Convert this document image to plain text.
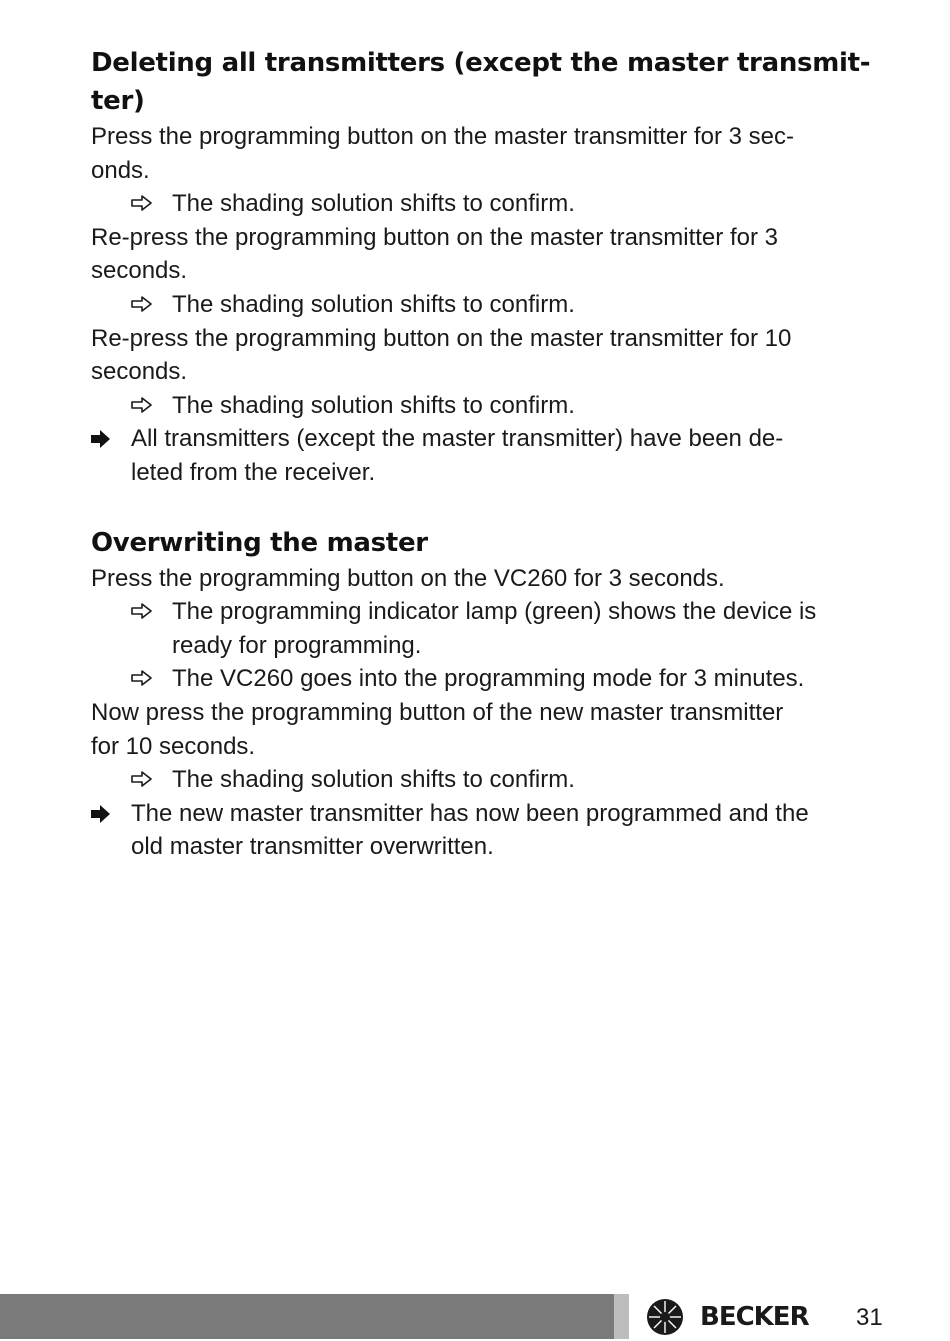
Deleting all transmitters (except the master transmit-
ter)

Press the programming button on the master transmitter for 3 sec-
onds.

The shading solution shifts to confirm.

Re-press the programming button on the master transmitter for 3
seconds.

The shading solution shifts to confirm.

Re-press the programming button on the master transmitter for 10
seconds.

The shading solution shifts to confirm.
All transmitters (except the master transmitter) have been de-
leted from the receiver.
Overwriting the master

Press the programming button on the VC260 for 3 seconds.

The programming indicator lamp (green) shows the device is
ready for programming.
The VC260 goes into the programming mode for 3 minutes.

Now press the programming button of the new master transmitter
for 10 seconds.

The shading solution shifts to confirm.
The new master transmitter has now been programmed and the
old master transmitter overwritten.
BECKER 31
